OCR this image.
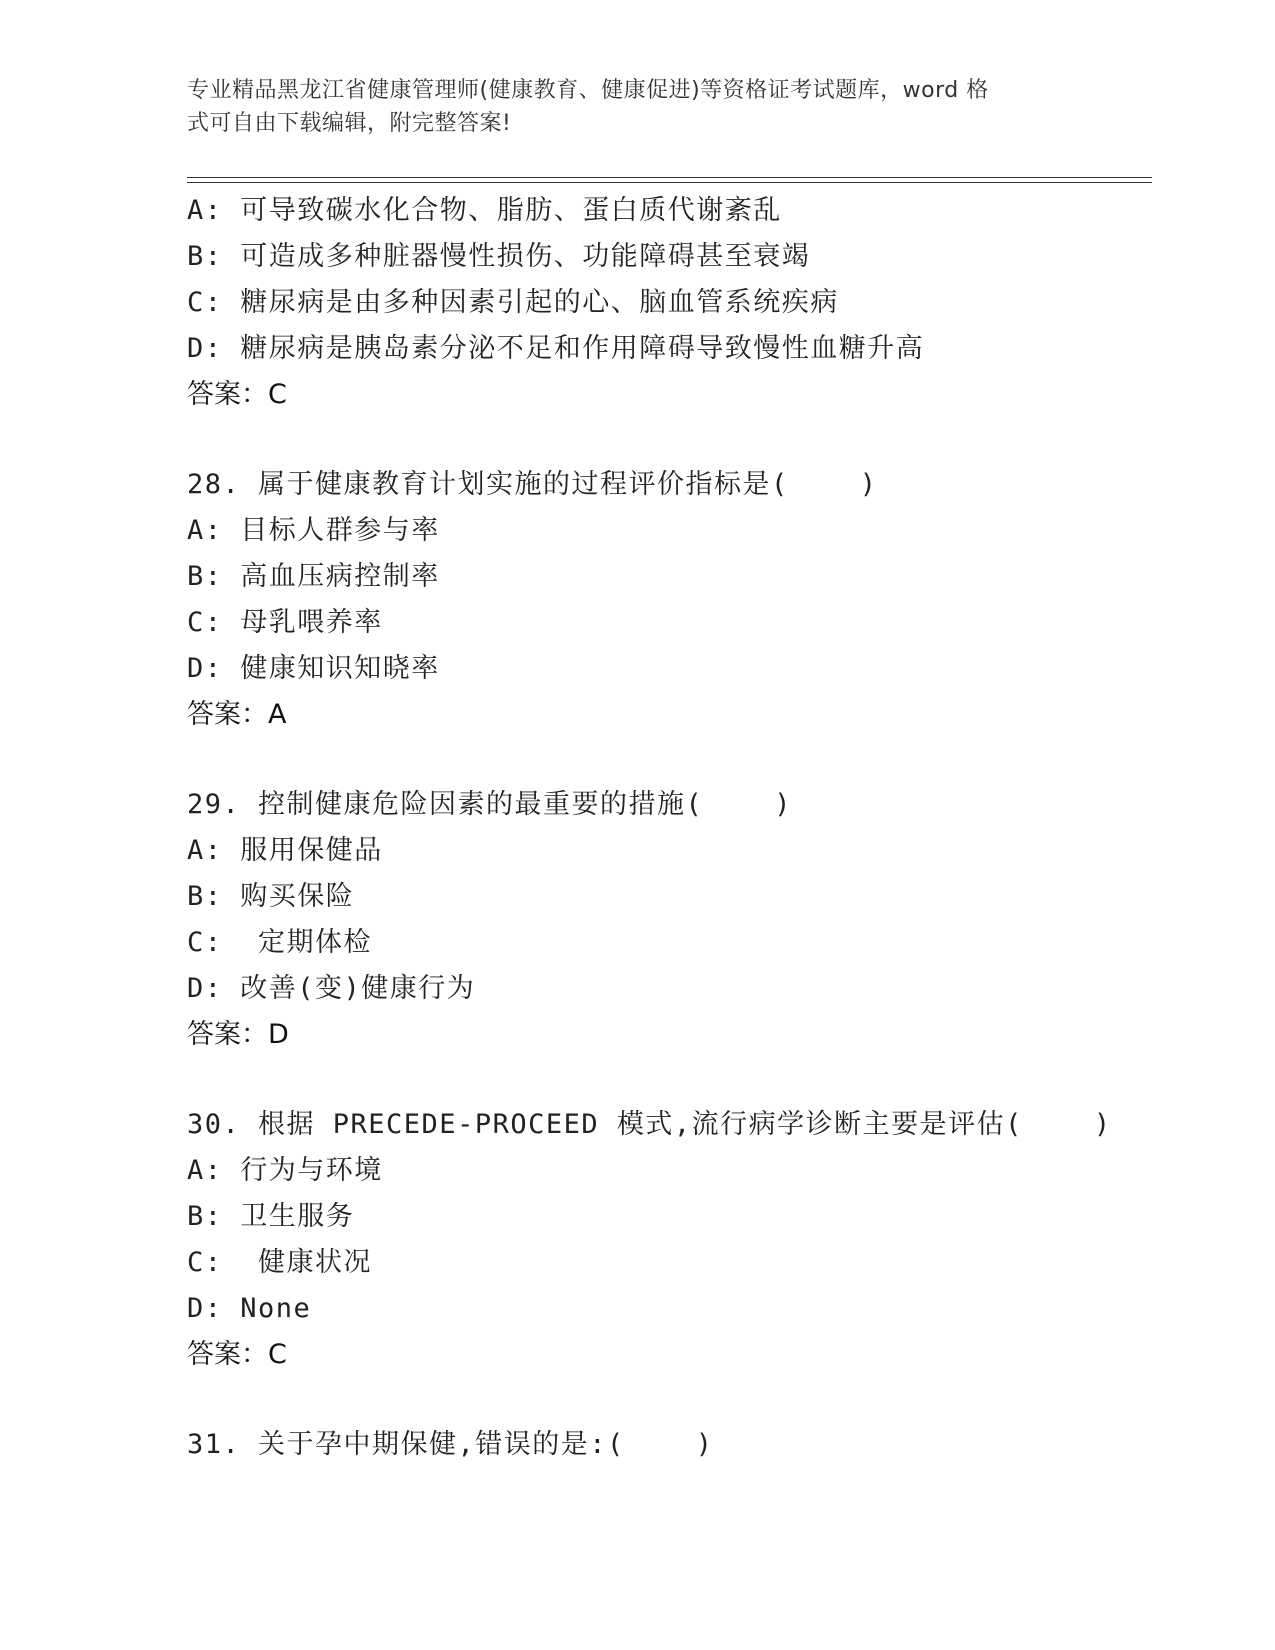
专业精品黑龙江省健康管理师(健康教育、健康促进)等资格证考试题库，word 格
式可自由下载编辑，附完整答案!
A: 可导致碳水化合物、脂肪、蛋白质代谢紊乱
B: 可造成多种脏器慢性损伤、功能障碍甚至衰竭
C: 糖尿病是由多种因素引起的心、脑血管系统疾病
D: 糖尿病是胰岛素分泌不足和作用障碍导致慢性血糖升高
答案：C
28. 属于健康教育计划实施的过程评价指标是(    )
A: 目标人群参与率
B: 高血压病控制率
C: 母乳喂养率
D: 健康知识知晓率
答案：A
29. 控制健康危险因素的最重要的措施(    )
A: 服用保健品
B: 购买保险
C:  定期体检
D: 改善(变)健康行为
答案：D
30. 根据 PRECEDE-PROCEED 模式,流行病学诊断主要是评估(    )
A: 行为与环境
B: 卫生服务
C:  健康状况
D: None
答案：C
31. 关于孕中期保健,错误的是:(    )
